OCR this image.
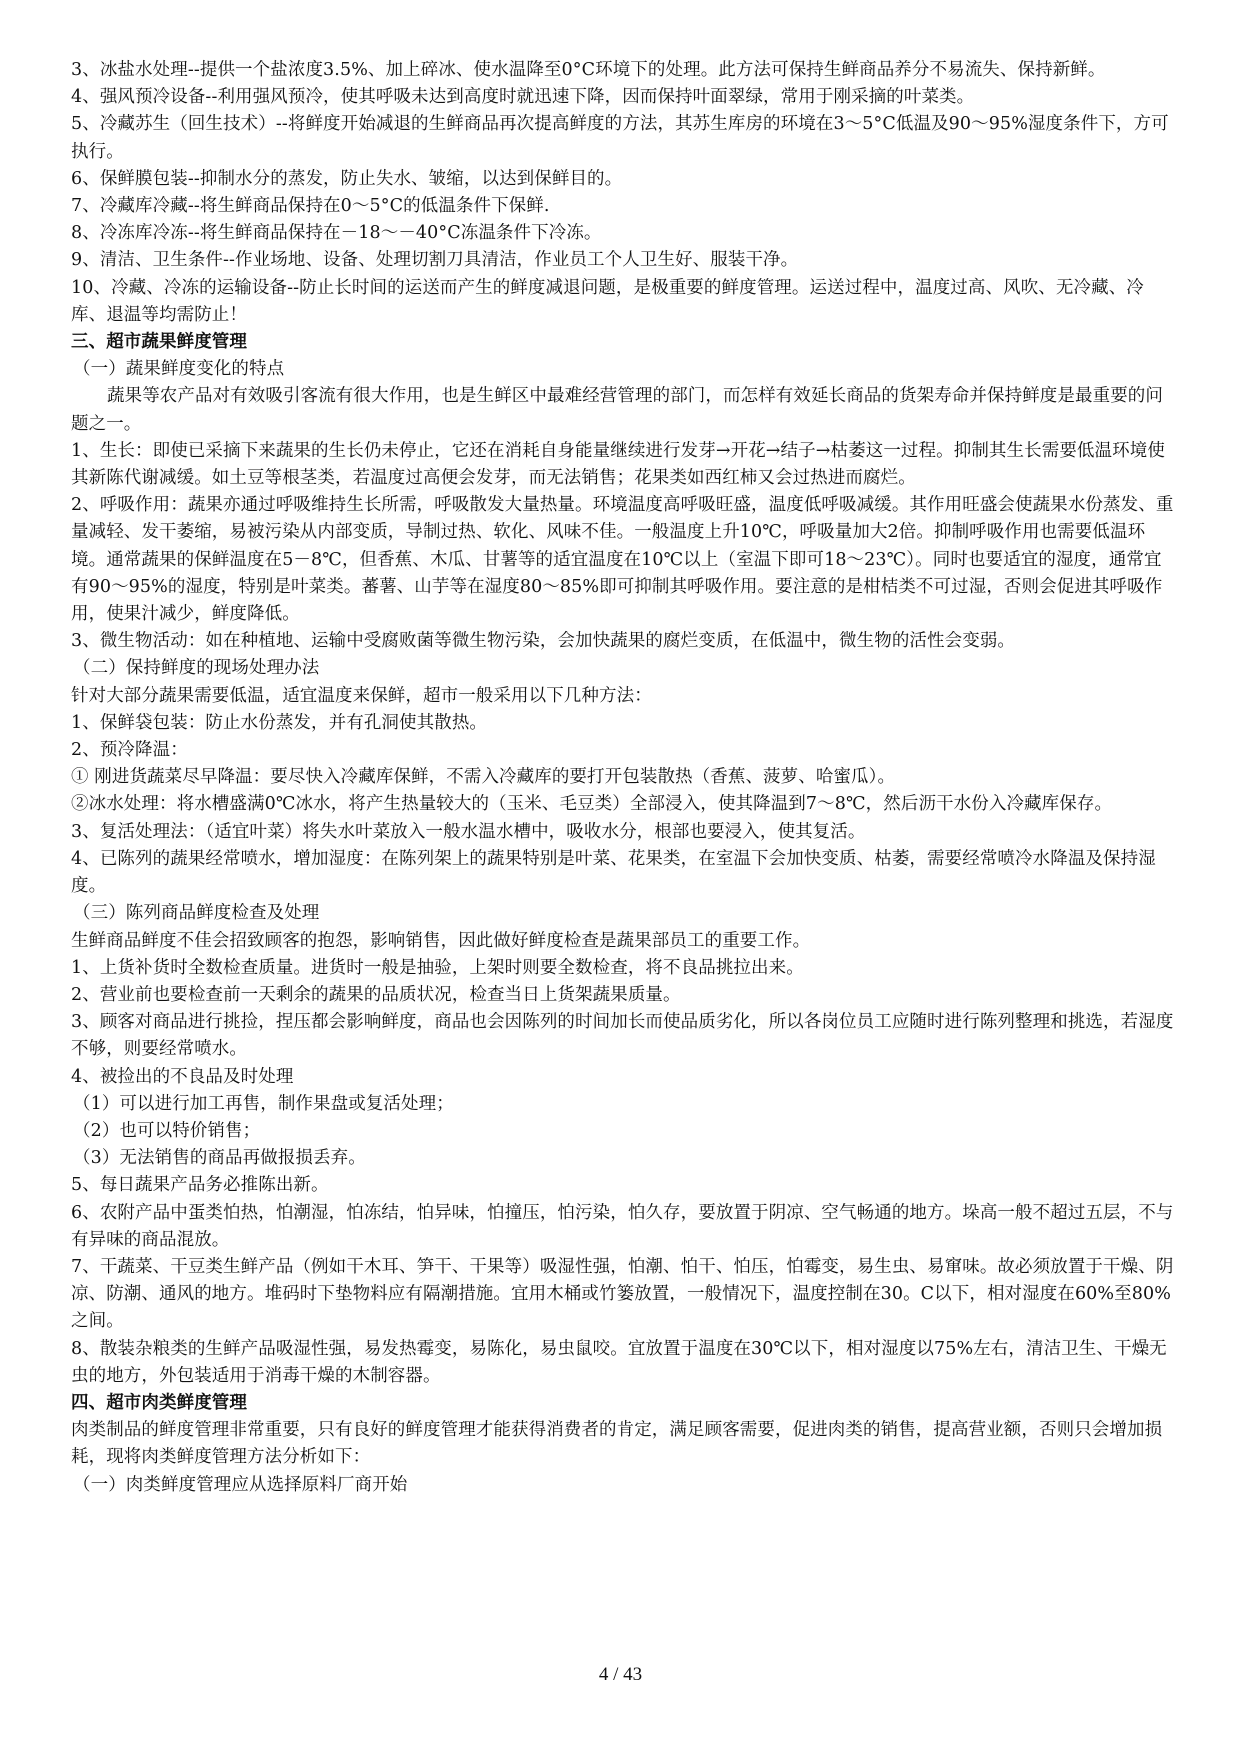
3、冰盐水处理--提供一个盐浓度3.5%、加上碎冰、使水温降至0°C环境下的处理。此方法可保持生鲜商品养分不易流失、保持新鲜。

4、强风预冷设备--利用强风预冷，使其呼吸未达到高度时就迅速下降，因而保持叶面翠绿，常用于刚采摘的叶菜类。

5、冷藏苏生（回生技术）--将鲜度开始减退的生鲜商品再次提高鲜度的方法，其苏生库房的环境在3～5°C低温及90～95%湿度条件下，方可执行。

6、保鲜膜包装--抑制水分的蒸发，防止失水、皱缩，以达到保鲜目的。

7、冷藏库冷藏--将生鲜商品保持在0～5°C的低温条件下保鲜.

8、冷冻库冷冻--将生鲜商品保持在－18～－40°C冻温条件下冷冻。

9、清洁、卫生条件--作业场地、设备、处理切割刀具清洁，作业员工个人卫生好、服装干净。

10、冷藏、冷冻的运输设备--防止长时间的运送而产生的鲜度减退问题，是极重要的鲜度管理。运送过程中，温度过高、风吹、无冷藏、冷库、退温等均需防止！

三、超市蔬果鲜度管理

（一）蔬果鲜度变化的特点

蔬果等农产品对有效吸引客流有很大作用，也是生鲜区中最难经营管理的部门，而怎样有效延长商品的货架寿命并保持鲜度是最重要的问题之一。

1、生长：即使已采摘下来蔬果的生长仍未停止，它还在消耗自身能量继续进行发芽→开花→结子→枯萎这一过程。抑制其生长需要低温环境使其新陈代谢减缓。如土豆等根茎类，若温度过高便会发芽，而无法销售；花果类如西红柿又会过热进而腐烂。

2、呼吸作用：蔬果亦通过呼吸维持生长所需，呼吸散发大量热量。环境温度高呼吸旺盛，温度低呼吸减缓。其作用旺盛会使蔬果水份蒸发、重量减轻、发干萎缩，易被污染从内部变质，导制过热、软化、风味不佳。一般温度上升10℃，呼吸量加大2倍。抑制呼吸作用也需要低温环境。通常蔬果的保鲜温度在5－8℃，但香蕉、木瓜、甘薯等的适宜温度在10℃以上（室温下即可18～23℃）。同时也要适宜的湿度，通常宜有90～95%的湿度，特别是叶菜类。蕃薯、山芋等在湿度80～85%即可抑制其呼吸作用。要注意的是柑桔类不可过湿，否则会促进其呼吸作用，使果汁减少，鲜度降低。

3、微生物活动：如在种植地、运输中受腐败菌等微生物污染，会加快蔬果的腐烂变质，在低温中，微生物的活性会变弱。

（二）保持鲜度的现场处理办法

针对大部分蔬果需要低温，适宜温度来保鲜，超市一般采用以下几种方法：

1、保鲜袋包装：防止水份蒸发，并有孔洞使其散热。

2、预冷降温：

① 刚进货蔬菜尽早降温：要尽快入冷藏库保鲜，不需入冷藏库的要打开包装散热（香蕉、菠萝、哈蜜瓜）。

②冰水处理：将水槽盛满0℃冰水，将产生热量较大的（玉米、毛豆类）全部浸入，使其降温到7～8℃，然后沥干水份入冷藏库保存。

3、复活处理法：（适宜叶菜）将失水叶菜放入一般水温水槽中，吸收水分，根部也要浸入，使其复活。

4、已陈列的蔬果经常喷水，增加湿度：在陈列架上的蔬果特别是叶菜、花果类，在室温下会加快变质、枯萎，需要经常喷冷水降温及保持湿度。

（三）陈列商品鲜度检查及处理

生鲜商品鲜度不佳会招致顾客的抱怨，影响销售，因此做好鲜度检查是蔬果部员工的重要工作。

1、上货补货时全数检查质量。进货时一般是抽验，上架时则要全数检查，将不良品挑拉出来。

2、营业前也要检查前一天剩余的蔬果的品质状况，检查当日上货架蔬果质量。

3、顾客对商品进行挑捡，捏压都会影响鲜度，商品也会因陈列的时间加长而使品质劣化，所以各岗位员工应随时进行陈列整理和挑选，若湿度不够，则要经常喷水。

4、被捡出的不良品及时处理

（1）可以进行加工再售，制作果盘或复活处理；

（2）也可以特价销售；

（3）无法销售的商品再做报损丢弃。

5、每日蔬果产品务必推陈出新。

6、农附产品中蛋类怕热，怕潮湿，怕冻结，怕异味，怕撞压，怕污染，怕久存，要放置于阴凉、空气畅通的地方。垛高一般不超过五层，不与有异味的商品混放。

7、干蔬菜、干豆类生鲜产品（例如干木耳、笋干、干果等）吸湿性强，怕潮、怕干、怕压，怕霉变，易生虫、易窜味。故必须放置于干燥、阴凉、防潮、通风的地方。堆码时下垫物料应有隔潮措施。宜用木桶或竹篓放置，一般情况下，温度控制在30。C以下，相对湿度在60%至80%之间。

8、散装杂粮类的生鲜产品吸湿性强，易发热霉变，易陈化，易虫鼠咬。宜放置于温度在30℃以下，相对湿度以75%左右，清洁卫生、干燥无虫的地方，外包装适用于消毒干燥的木制容器。

四、超市肉类鲜度管理

肉类制品的鲜度管理非常重要，只有良好的鲜度管理才能获得消费者的肯定，满足顾客需要，促进肉类的销售，提高营业额，否则只会增加损耗，现将肉类鲜度管理方法分析如下：

（一）肉类鲜度管理应从选择原料厂商开始

4 / 43
